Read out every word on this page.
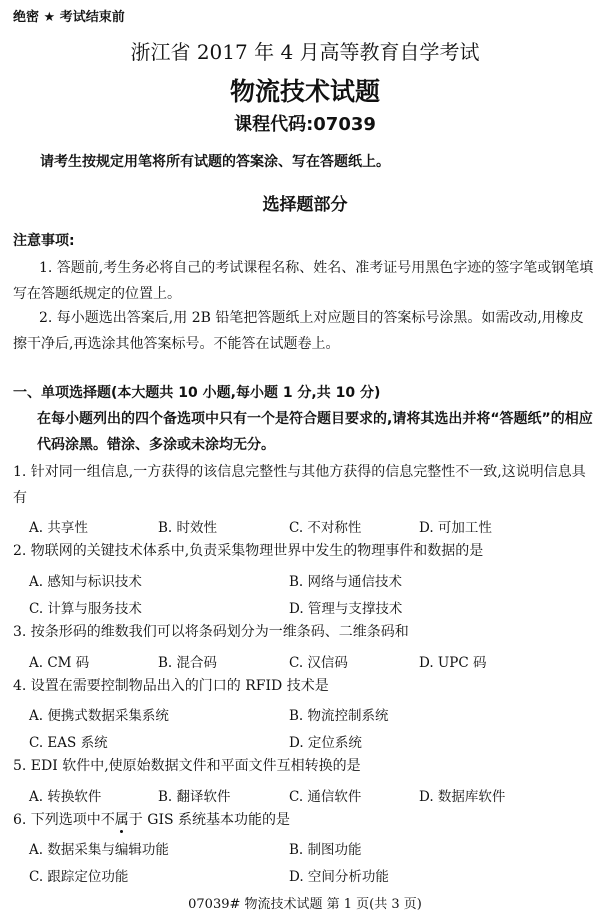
绝密 ★ 考试结束前
浙江省 2017 年 4 月高等教育自学考试
物流技术试题
课程代码:07039
请考生按规定用笔将所有试题的答案涂、写在答题纸上。
选择题部分
注意事项:
1. 答题前,考生务必将自己的考试课程名称、姓名、准考证号用黑色字迹的签字笔或钢笔填写在答题纸规定的位置上。
2. 每小题选出答案后,用 2B 铅笔把答题纸上对应题目的答案标号涂黑。如需改动,用橡皮擦干净后,再选涂其他答案标号。不能答在试题卷上。
一、单项选择题(本大题共 10 小题,每小题 1 分,共 10 分)
在每小题列出的四个备选项中只有一个是符合题目要求的,请将其选出并将“答题纸”的相应代码涂黑。错涂、多涂或未涂均无分。
1. 针对同一组信息,一方获得的该信息完整性与其他方获得的信息完整性不一致,这说明信息具有
A. 共享性	B. 时效性	C. 不对称性	D. 可加工性
2. 物联网的关键技术体系中,负责采集物理世界中发生的物理事件和数据的是
A. 感知与标识技术	B. 网络与通信技术
C. 计算与服务技术	D. 管理与支撑技术
3. 按条形码的维数我们可以将条码划分为一维条码、二维条码和
A. CM 码	B. 混合码	C. 汉信码	D. UPC 码
4. 设置在需要控制物品出入的门口的 RFID 技术是
A. 便携式数据采集系统	B. 物流控制系统
C. EAS 系统	D. 定位系统
5. EDI 软件中,使原始数据文件和平面文件互相转换的是
A. 转换软件	B. 翻译软件	C. 通信软件	D. 数据库软件
6. 下列选项中不属于 GIS 系统基本功能的是
A. 数据采集与编辑功能	B. 制图功能
C. 跟踪定位功能	D. 空间分析功能
07039# 物流技术试题 第 1 页(共 3 页)
